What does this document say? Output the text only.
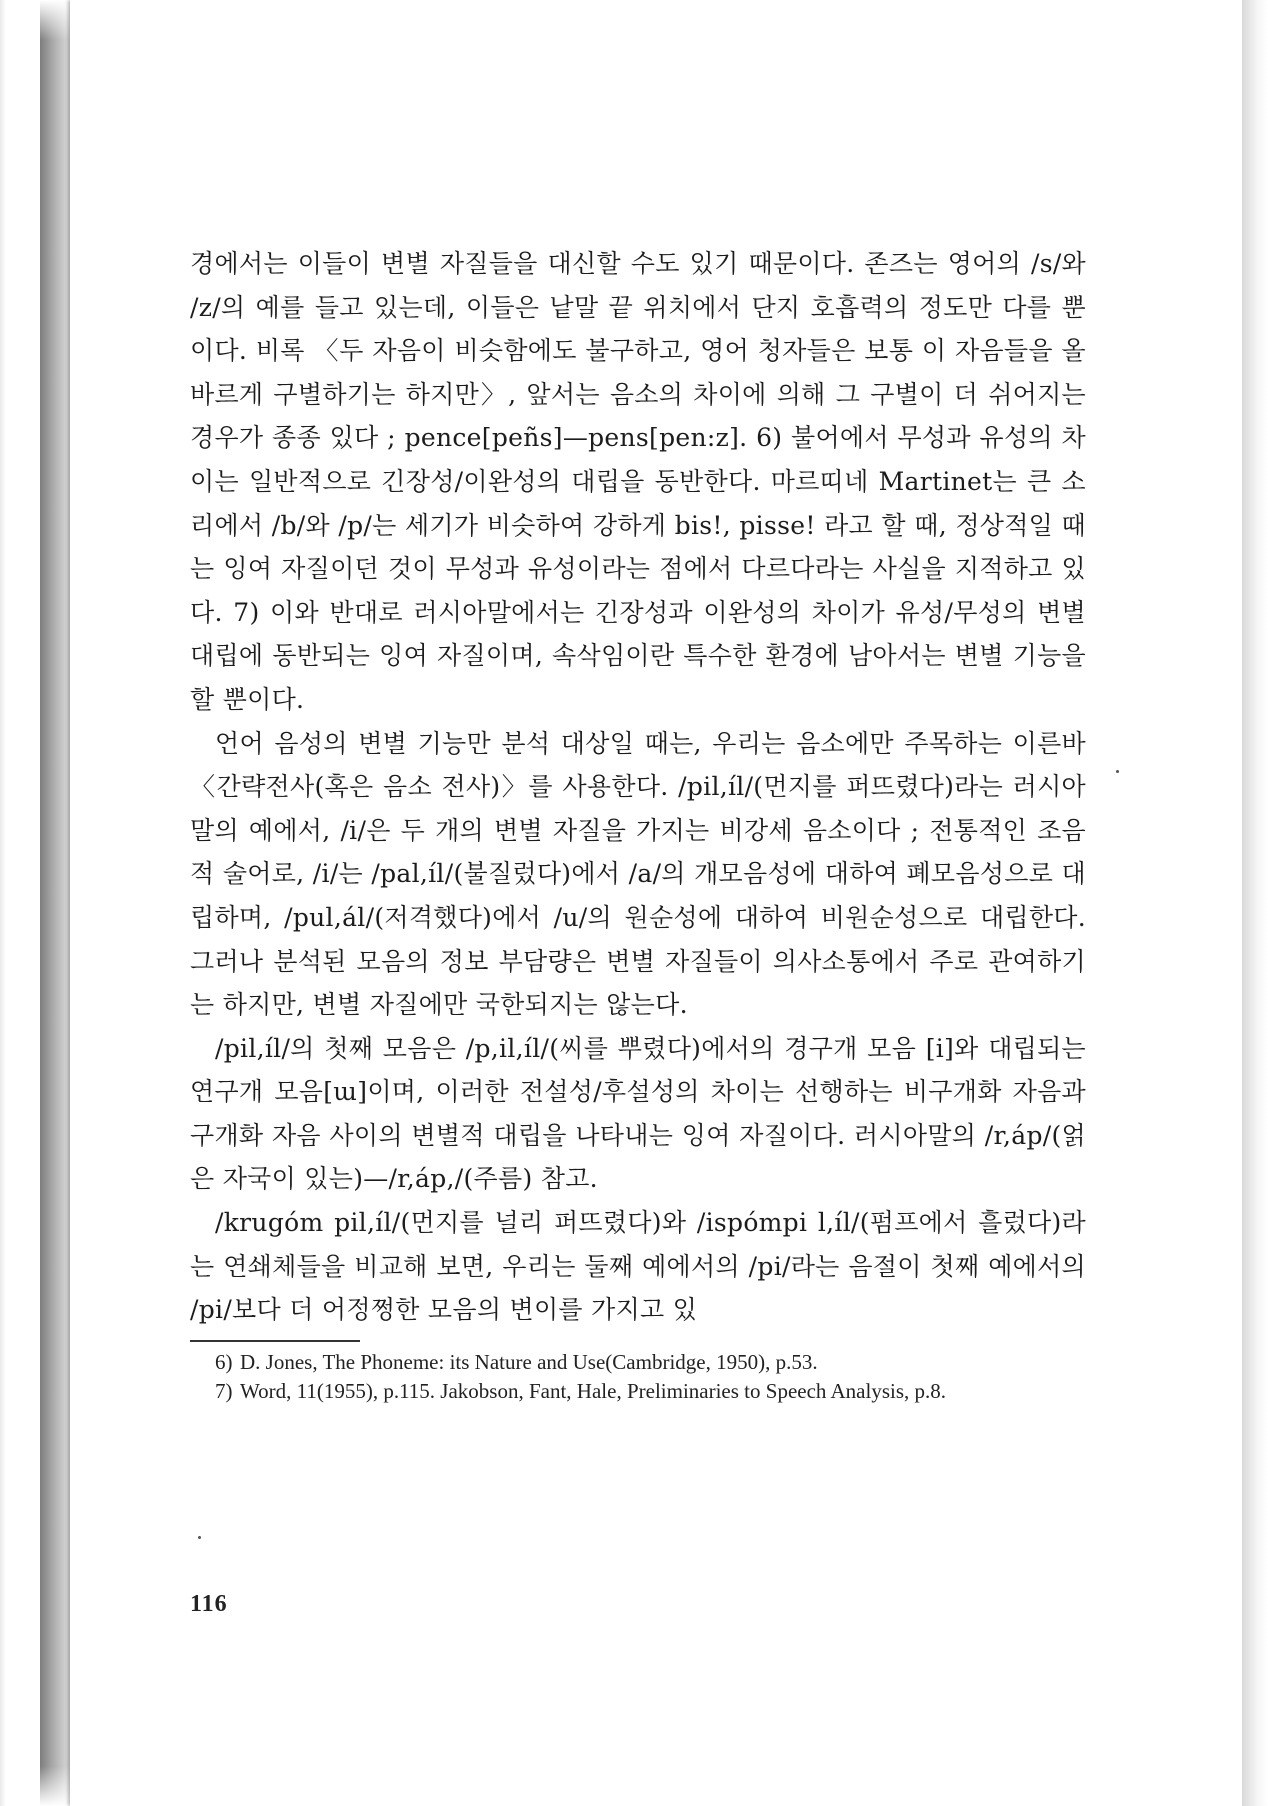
경에서는 이들이 변별 자질들을 대신할 수도 있기 때문이다. 존즈는 영어의 /s/와 /z/의 예를 들고 있는데, 이들은 낱말 끝 위치에서 단지 호흡력의 정도만 다를 뿐이다. 비록 〈두 자음이 비슷함에도 불구하고, 영어 청자들은 보통 이 자음들을 올바르게 구별하기는 하지만〉, 앞서는 음소의 차이에 의해 그 구별이 더 쉬어지는 경우가 종종 있다 ; pence[peñs]—pens[pen:z]. 6) 불어에서 무성과 유성의 차이는 일반적으로 긴장성/이완성의 대립을 동반한다. 마르띠네 Martinet는 큰 소리에서 /b/와 /p/는 세기가 비슷하여 강하게 bis!, pisse! 라고 할 때, 정상적일 때는 잉여 자질이던 것이 무성과 유성이라는 점에서 다르다라는 사실을 지적하고 있다. 7) 이와 반대로 러시아말에서는 긴장성과 이완성의 차이가 유성/무성의 변별 대립에 동반되는 잉여 자질이며, 속삭임이란 특수한 환경에 남아서는 변별 기능을 할 뿐이다.

언어 음성의 변별 기능만 분석 대상일 때는, 우리는 음소에만 주목하는 이른바 〈간략전사(혹은 음소 전사)〉를 사용한다. /pil,íl/(먼지를 퍼뜨렸다)라는 러시아말의 예에서, /i/은 두 개의 변별 자질을 가지는 비강세 음소이다 ; 전통적인 조음적 술어로, /i/는 /pal,íl/(불질렀다)에서 /a/의 개모음성에 대하여 폐모음성으로 대립하며, /pul,ál/(저격했다)에서 /u/의 원순성에 대하여 비원순성으로 대립한다. 그러나 분석된 모음의 정보 부담량은 변별 자질들이 의사소통에서 주로 관여하기는 하지만, 변별 자질에만 국한되지는 않는다.

/pil,íl/의 첫째 모음은 /p,il,íl/(씨를 뿌렸다)에서의 경구개 모음 [i]와 대립되는 연구개 모음[ɯ]이며, 이러한 전설성/후설성의 차이는 선행하는 비구개화 자음과 구개화 자음 사이의 변별적 대립을 나타내는 잉여 자질이다. 러시아말의 /r,áp/(얽은 자국이 있는)—/r,áp,/(주름) 참고.

/krugóm pil,íl/(먼지를 널리 퍼뜨렸다)와 /ispómpi l,íl/(펌프에서 흘렀다)라는 연쇄체들을 비교해 보면, 우리는 둘째 예에서의 /pi/라는 음절이 첫째 예에서의 /pi/보다 더 어정쩡한 모음의 변이를 가지고 있

6) D. Jones, The Phoneme: its Nature and Use(Cambridge, 1950), p.53.

7) Word, 11(1955), p.115. Jakobson, Fant, Hale, Preliminaries to Speech Analysis, p.8.

116
